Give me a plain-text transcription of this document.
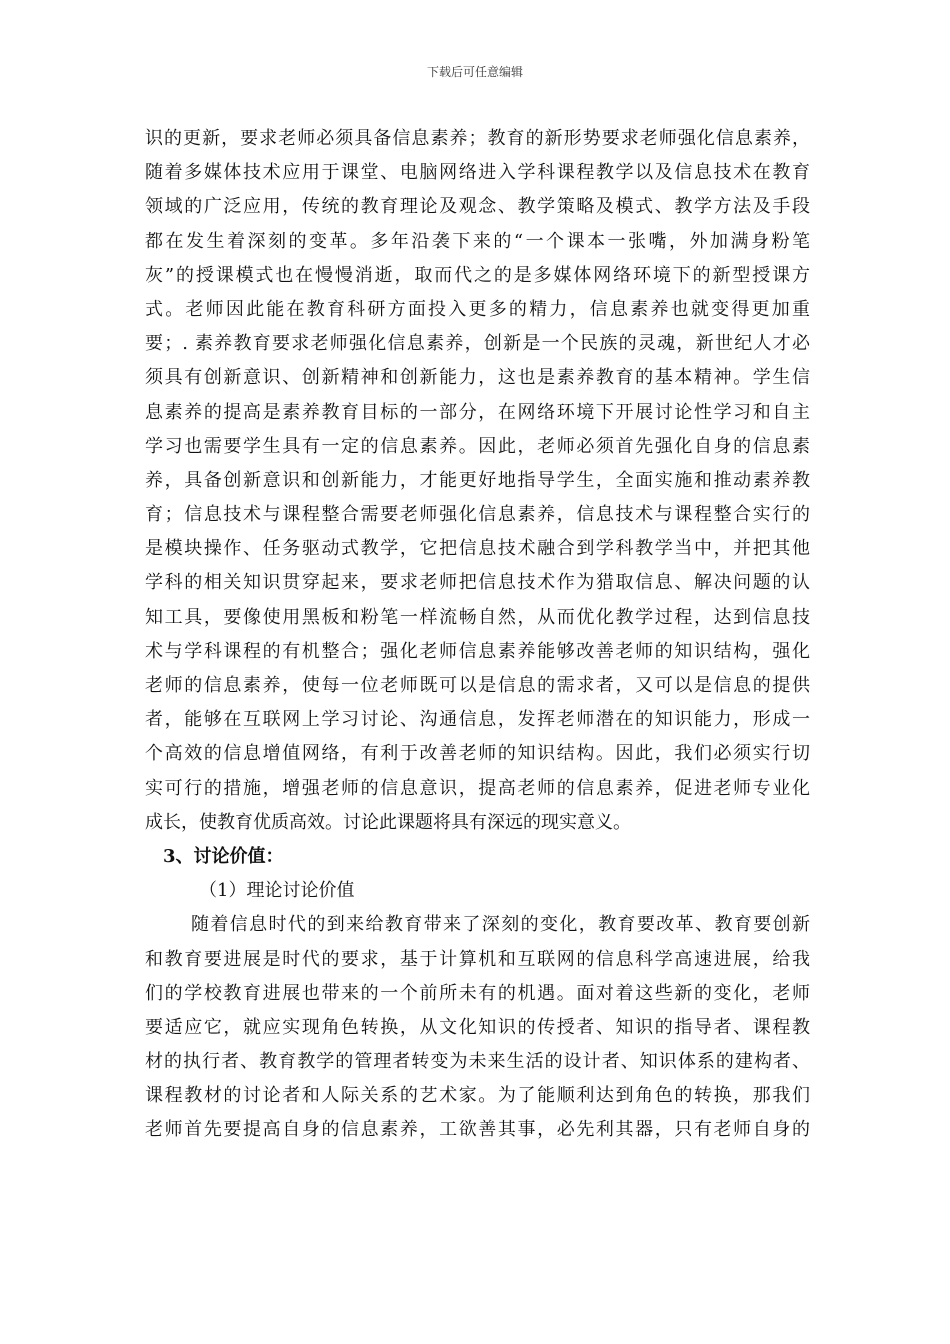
下载后可任意编辑
识的更新，要求老师必须具备信息素养；教育的新形势要求老师强化信息素养，
随着多媒体技术应用于课堂、电脑网络进入学科课程教学以及信息技术在教育
领域的广泛应用，传统的教育理论及观念、教学策略及模式、教学方法及手段
都在发生着深刻的变革。多年沿袭下来的“一个课本一张嘴，外加满身粉笔
灰”的授课模式也在慢慢消逝，取而代之的是多媒体网络环境下的新型授课方
式。老师因此能在教育科研方面投入更多的精力，信息素养也就变得更加重
要；. 素养教育要求老师强化信息素养，创新是一个民族的灵魂，新世纪人才必
须具有创新意识、创新精神和创新能力，这也是素养教育的基本精神。学生信
息素养的提高是素养教育目标的一部分，在网络环境下开展讨论性学习和自主
学习也需要学生具有一定的信息素养。因此，老师必须首先强化自身的信息素
养，具备创新意识和创新能力，才能更好地指导学生，全面实施和推动素养教
育；信息技术与课程整合需要老师强化信息素养，信息技术与课程整合实行的
是模块操作、任务驱动式教学，它把信息技术融合到学科教学当中，并把其他
学科的相关知识贯穿起来，要求老师把信息技术作为猎取信息、解决问题的认
知工具，要像使用黑板和粉笔一样流畅自然，从而优化教学过程，达到信息技
术与学科课程的有机整合；强化老师信息素养能够改善老师的知识结构，强化
老师的信息素养，使每一位老师既可以是信息的需求者，又可以是信息的提供
者，能够在互联网上学习讨论、沟通信息，发挥老师潜在的知识能力，形成一
个高效的信息增值网络，有利于改善老师的知识结构。因此，我们必须实行切
实可行的措施，增强老师的信息意识，提高老师的信息素养，促进老师专业化
成长，使教育优质高效。讨论此课题将具有深远的现实意义。
3、讨论价值：
（1）理论讨论价值
随着信息时代的到来给教育带来了深刻的变化，教育要改革、教育要创新
和教育要进展是时代的要求，基于计算机和互联网的信息科学高速进展，给我
们的学校教育进展也带来的一个前所未有的机遇。面对着这些新的变化，老师
要适应它，就应实现角色转换，从文化知识的传授者、知识的指导者、课程教
材的执行者、教育教学的管理者转变为未来生活的设计者、知识体系的建构者、
课程教材的讨论者和人际关系的艺术家。为了能顺利达到角色的转换，那我们
老师首先要提高自身的信息素养，工欲善其事，必先利其器，只有老师自身的
